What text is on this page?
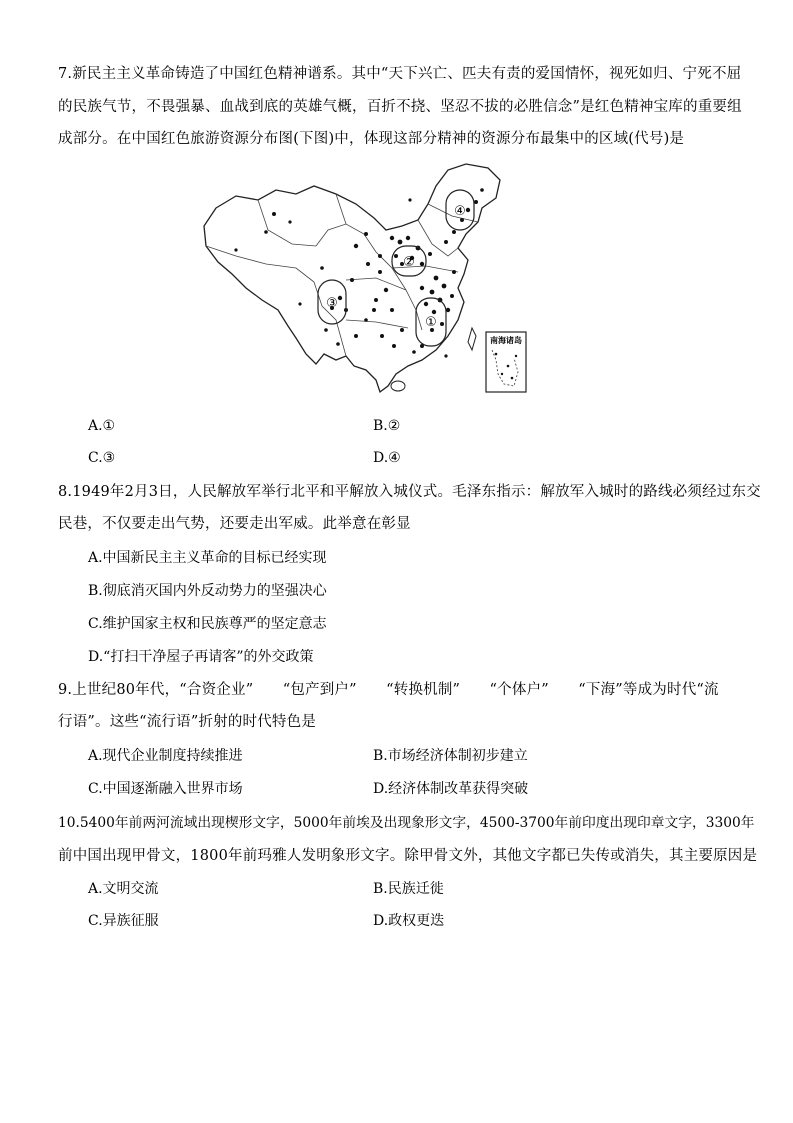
7.新民主主义革命铸造了中国红色精神谱系。其中“天下兴亡、匹夫有责的爱国情怀，视死如归、宁死不屈
的民族气节，不畏强暴、血战到底的英雄气概，百折不挠、坚忍不拔的必胜信念”是红色精神宝库的重要组
成部分。在中国红色旅游资源分布图(下图)中，体现这部分精神的资源分布最集中的区域(代号)是
④
②
③
①
南海诸岛
A.①	B.②
C.③	D.④
8.1949年2月3日，人民解放军举行北平和平解放入城仪式。毛泽东指示：解放军入城时的路线必须经过东交
民巷，不仅要走出气势，还要走出军威。此举意在彰显
A.中国新民主主义革命的目标已经实现
B.彻底消灭国内外反动势力的坚强决心
C.维护国家主权和民族尊严的坚定意志
D.“打扫干净屋子再请客”的外交政策
9.上世纪80年代，“合资企业”　　“包产到户”　　“转换机制”　　“个体户”　　“下海”等成为时代“流
行语”。这些“流行语”折射的时代特色是
A.现代企业制度持续推进	B.市场经济体制初步建立
C.中国逐渐融入世界市场	D.经济体制改革获得突破
10.5400年前两河流域出现楔形文字，5000年前埃及出现象形文字，4500-3700年前印度出现印章文字，3300年
前中国出现甲骨文，1800年前玛雅人发明象形文字。除甲骨文外，其他文字都已失传或消失，其主要原因是
A.文明交流	B.民族迁徙
C.异族征服	D.政权更迭
